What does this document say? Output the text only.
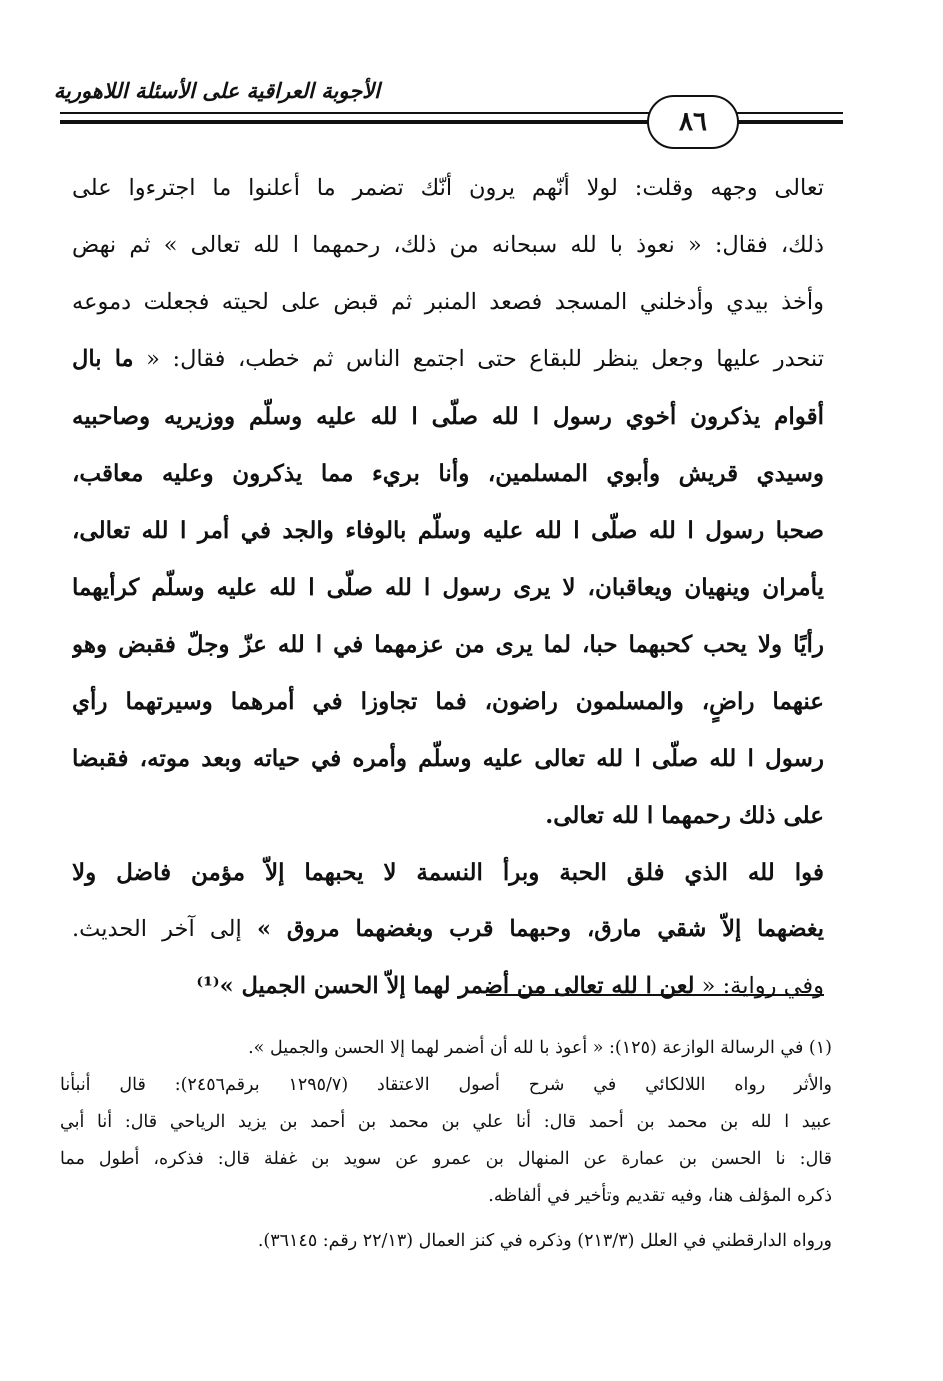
الأجوبة العراقية على الأسئلة اللاهورية
٨٦
تعالى وجهه وقلت: لولا أنّهم يرون أنّك تضمر ما أعلنوا ما اجترءوا على
ذلك، فقال: « نعوذ با لله سبحانه من ذلك، رحمهما ا لله تعالى » ثم نهض
وأخذ بيدي وأدخلني المسجد فصعد المنبر ثم قبض على لحيته فجعلت دموعه
تنحدر عليها وجعل ينظر للبقاع حتى اجتمع الناس ثم خطب، فقال: « ما بال
أقوام يذكرون أخوي رسول ا لله صلّى ا لله عليه وسلّم ووزيريه وصاحبيه
وسيدي قريش وأبوي المسلمين، وأنا بريء مما يذكرون وعليه معاقب،
صحبا رسول ا لله صلّى ا لله عليه وسلّم بالوفاء والجد في أمر ا لله تعالى،
يأمران وينهيان ويعاقبان، لا يرى رسول ا لله صلّى ا لله عليه وسلّم كرأيهما
رأيًا ولا يحب كحبهما حبا، لما يرى من عزمهما في ا لله عزّ وجلّ فقبض وهو
عنهما راضٍ، والمسلمون راضون، فما تجاوزا في أمرهما وسيرتهما رأي
رسول ا لله صلّى ا لله تعالى عليه وسلّم وأمره في حياته وبعد موته، فقبضا
على ذلك رحمهما ا لله تعالى.
فوا لله الذي فلق الحبة وبرأ النسمة لا يحبهما إلاّ مؤمن فاضل ولا
يغضهما إلاّ شقي مارق، وحبهما قرب وبغضهما مروق » إلى آخر الحديث.
وفي رواية: « لعن ا لله تعالى من أضمر لهما إلاّ الحسن الجميل »⁽¹⁾
(١) في الرسالة الوازعة (١٢٥): « أعوذ با لله أن أضمر لهما إلا الحسن والجميل ».
والأثر رواه اللالكائي في شرح أصول الاعتقاد (١٢٩٥/٧ برقم٢٤٥٦): قال أنبأنا
عبيد ا لله بن محمد بن أحمد قال: أنا علي بن محمد بن أحمد بن يزيد الرياحي قال: أنا أبي
قال: نا الحسن بن عمارة عن المنهال بن عمرو عن سويد بن غفلة قال: فذكره، أطول مما
ذكره المؤلف هنا، وفيه تقديم وتأخير في ألفاظه.
ورواه الدارقطني في العلل (٢١٣/٣) وذكره في كنز العمال (٢٢/١٣ رقم: ٣٦١٤٥).
